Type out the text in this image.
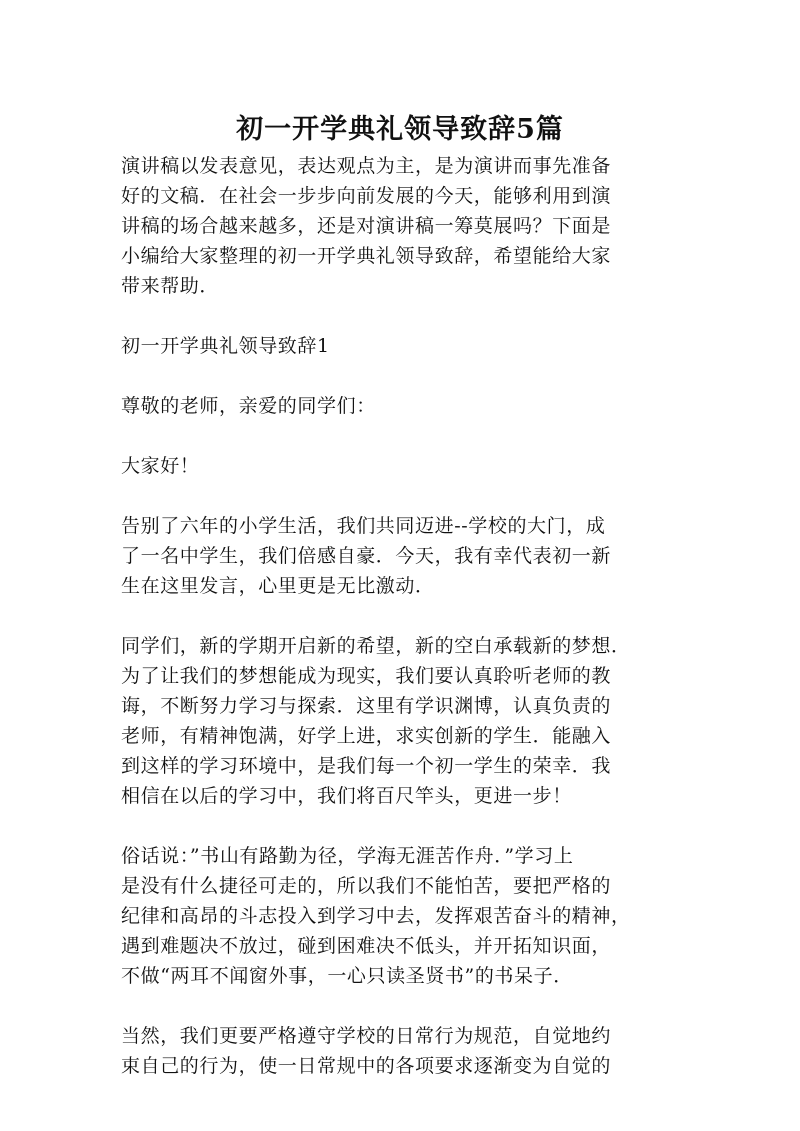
初一开学典礼领导致辞5篇
演讲稿以发表意见，表达观点为主，是为演讲而事先准备
好的文稿．在社会一步步向前发展的今天，能够利用到演
讲稿的场合越来越多，还是对演讲稿一筹莫展吗？下面是
小编给大家整理的初一开学典礼领导致辞，希望能给大家
带来帮助．
初一开学典礼领导致辞1
尊敬的老师，亲爱的同学们：
大家好！
告别了六年的小学生活，我们共同迈进--学校的大门，成
了一名中学生，我们倍感自豪．今天，我有幸代表初一新
生在这里发言，心里更是无比激动．
同学们，新的学期开启新的希望，新的空白承载新的梦想．
为了让我们的梦想能成为现实，我们要认真聆听老师的教
诲，不断努力学习与探索．这里有学识渊博，认真负责的
老师，有精神饱满，好学上进，求实创新的学生．能融入
到这样的学习环境中，是我们每一个初一学生的荣幸．我
相信在以后的学习中，我们将百尺竿头，更进一步！
俗话说：”书山有路勤为径，学海无涯苦作舟．”学习上
是没有什么捷径可走的，所以我们不能怕苦，要把严格的
纪律和高昂的斗志投入到学习中去，发挥艰苦奋斗的精神，
遇到难题决不放过，碰到困难决不低头，并开拓知识面，
不做“两耳不闻窗外事，一心只读圣贤书”的书呆子．
当然，我们更要严格遵守学校的日常行为规范，自觉地约
束自己的行为，使一日常规中的各项要求逐渐变为自觉的
